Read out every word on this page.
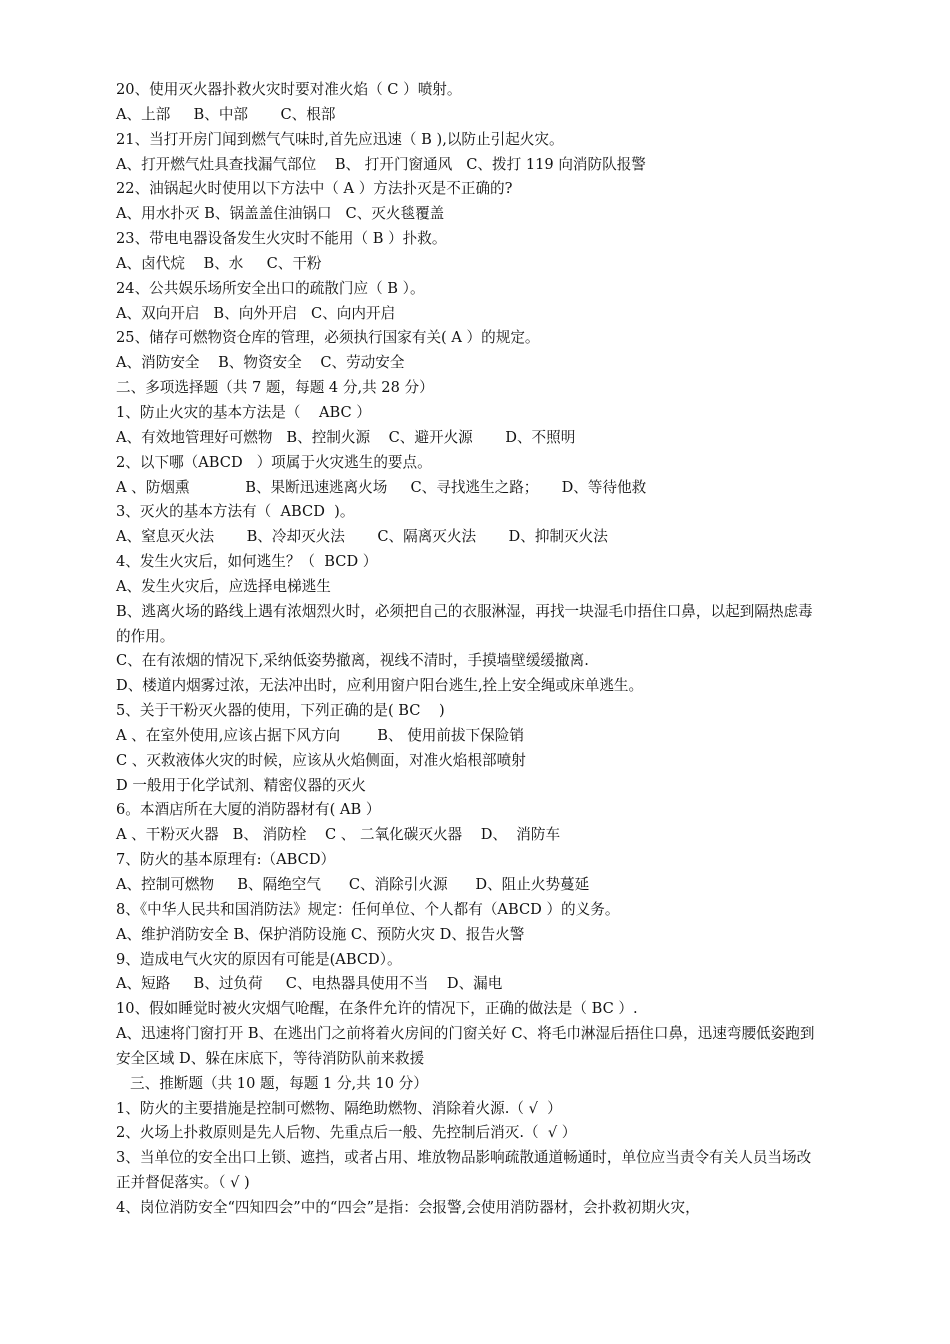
20、使用灭火器扑救火灾时要对准火焰（ C ）喷射。
A、上部     B、中部       C、根部
21、当打开房门闻到燃气气味时,首先应迅速（ B ),以防止引起火灾。
A、打开燃气灶具查找漏气部位    B、 打开门窗通风   C、拨打 119 向消防队报警
22、油锅起火时使用以下方法中（ A ）方法扑灭是不正确的?
A、用水扑灭 B、锅盖盖住油锅口   C、灭火毯覆盖
23、带电电器设备发生火灾时不能用（ B ）扑救。
A、卤代烷    B、水     C、干粉
24、公共娱乐场所安全出口的疏散门应（ B ）。
A、双向开启   B、向外开启   C、向内开启
25、储存可燃物资仓库的管理，必须执行国家有关( A ）的规定。
A、消防安全    B、物资安全    C、劳动安全
二、多项选择题（共 7 题，每题 4 分,共 28 分）
1、防止火灾的基本方法是（    ABC ）
A、有效地管理好可燃物   B、控制火源    C、避开火源       D、不照明
2、以下哪（ABCD   ）项属于火灾逃生的要点。
A 、防烟熏            B、果断迅速逃离火场     C、寻找逃生之路；     D、等待他救
3、灭火的基本方法有（  ABCD  )。
A、窒息灭火法       B、冷却灭火法       C、隔离灭火法       D、抑制灭火法
4、发生火灾后，如何逃生？（  BCD ）
A、发生火灾后，应选择电梯逃生
B、逃离火场的路线上遇有浓烟烈火时，必须把自己的衣服淋湿，再找一块湿毛巾捂住口鼻，以起到隔热虑毒的作用。
C、在有浓烟的情况下,采纳低姿势撤离，视线不清时，手摸墙壁缓缓撤离.
D、楼道内烟雾过浓，无法冲出时，应利用窗户阳台逃生,拴上安全绳或床单逃生。
5、关于干粉灭火器的使用，下列正确的是( BC    )
A 、在室外使用,应该占据下风方向        B、 使用前拔下保险销
C 、灭救液体火灾的时候，应该从火焰侧面，对准火焰根部喷射
D 一般用于化学试剂、精密仪器的灭火
6。本酒店所在大厦的消防器材有( AB ）
A 、干粉灭火器   B、 消防栓    C 、 二氧化碳灭火器    D、  消防车
7、防火的基本原理有:（ABCD）
A、控制可燃物     B、隔绝空气      C、消除引火源      D、阻止火势蔓延
8、《中华人民共和国消防法》规定：任何单位、个人都有（ABCD ）的义务。
A、维护消防安全 B、保护消防设施 C、预防火灾 D、报告火警
9、造成电气火灾的原因有可能是(ABCD）。
A、短路     B、过负荷     C、电热器具使用不当    D、漏电
10、假如睡觉时被火灾烟气呛醒，在条件允许的情况下，正确的做法是（ BC ）.
A、迅速将门窗打开 B、在逃出门之前将着火房间的门窗关好 C、将毛巾淋湿后捂住口鼻，迅速弯腰低姿跑到安全区域 D、躲在床底下，等待消防队前来救援
三、推断题（共 10 题，每题 1 分,共 10 分）
1、防火的主要措施是控制可燃物、隔绝助燃物、消除着火源.（ √  ）
2、火场上扑救原则是先人后物、先重点后一般、先控制后消灭.（  √ ）
3、当单位的安全出口上锁、遮挡，或者占用、堆放物品影响疏散通道畅通时，单位应当责令有关人员当场改正并督促落实。（ √ )
4、岗位消防安全“四知四会”中的“四会”是指：会报警,会使用消防器材，会扑救初期火灾，
